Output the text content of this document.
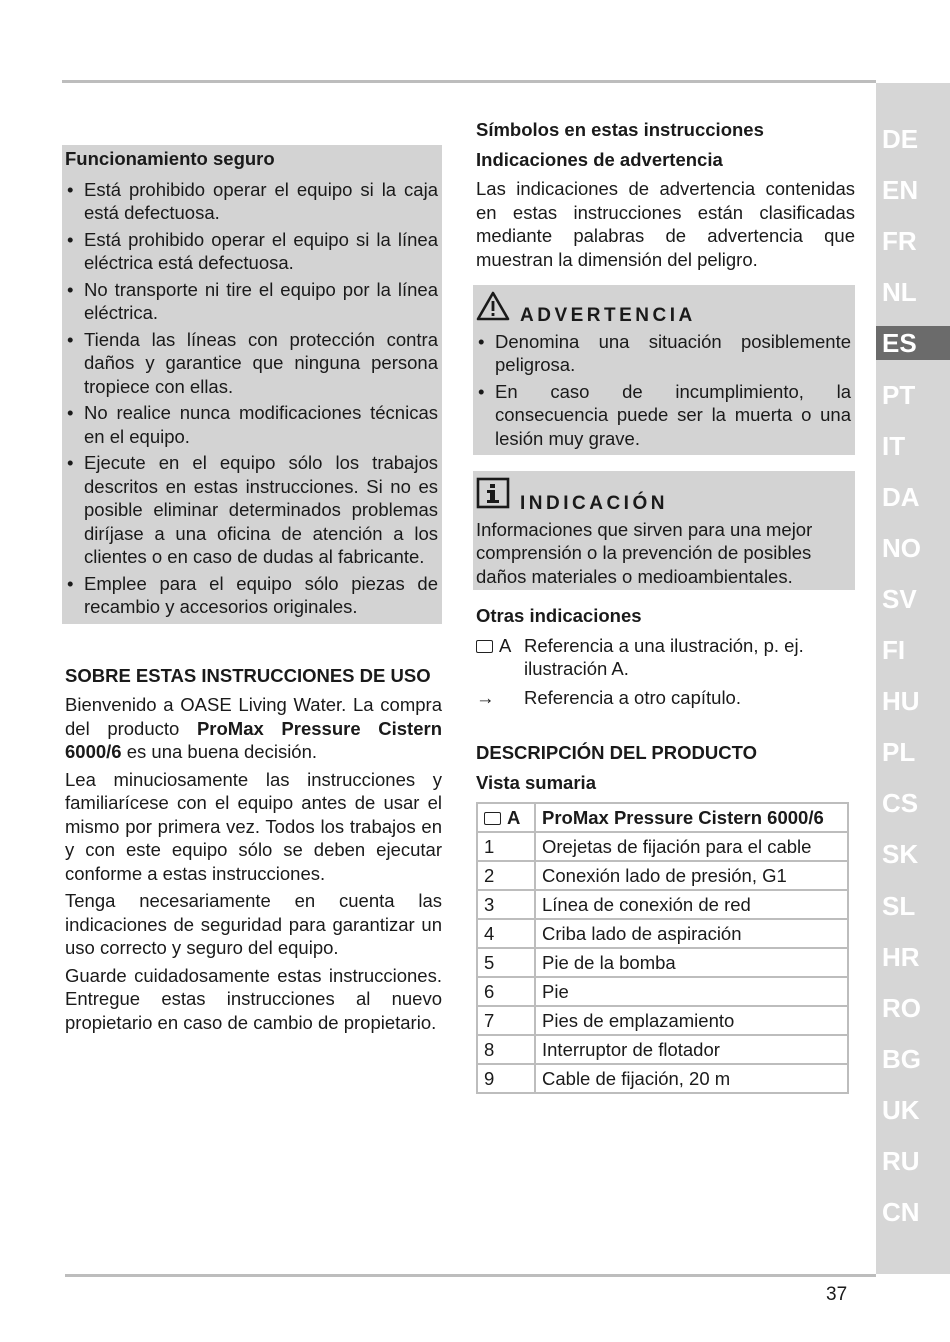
Funcionamiento seguro
• Está prohibido operar el equipo si la caja está defectuosa.
• Está prohibido operar el equipo si la línea eléctrica está defectuosa.
• No transporte ni tire el equipo por la línea eléctrica.
• Tienda las líneas con protección contra daños y garantice que ninguna persona tropiece con ellas.
• No realice nunca modificaciones técnicas en el equipo.
• Ejecute en el equipo sólo los trabajos descritos en estas instrucciones. Si no es posible eliminar determinados problemas diríjase a una oficina de atención a los clientes o en caso de dudas al fabricante.
• Emplee para el equipo sólo piezas de recambio y accesorios originales.
SOBRE ESTAS INSTRUCCIONES DE USO

Bienvenido a OASE Living Water. La compra del producto ProMax Pressure Cistern 6000/6 es una buena decisión.

Lea minuciosamente las instrucciones y familiarícese con el equipo antes de usar el mismo por primera vez. Todos los trabajos en y con este equipo sólo se deben ejecutar conforme a estas instrucciones.

Tenga necesariamente en cuenta las indicaciones de seguridad para garantizar un uso correcto y seguro del equipo.

Guarde cuidadosamente estas instrucciones. Entregue estas instrucciones al nuevo propietario en caso de cambio de propietario.

Símbolos en estas instrucciones
Indicaciones de advertencia

Las indicaciones de advertencia contenidas en estas instrucciones están clasificadas mediante palabras de advertencia que muestran la dimensión del peligro.

ADVERTENCIA
• Denomina una situación posiblemente peligrosa.
• En caso de incumplimiento, la consecuencia puede ser la muerta o una lesión muy grave.
INDICACIÓN
Informaciones que sirven para una mejor comprensión o la prevención de posibles daños materiales o medioambientales.
Otras indicaciones
A Referencia a una ilustración, p. ej. ilustración A.
→ Referencia a otro capítulo.
DESCRIPCIÓN DEL PRODUCTO
Vista sumaria
A	ProMax Pressure Cistern 6000/6
1	Orejetas de fijación para el cable
2	Conexión lado de presión, G1
3	Línea de conexión de red
4	Criba lado de aspiración
5	Pie de la bomba
6	Pie
7	Pies de emplazamiento
8	Interruptor de flotador
9	Cable de fijación, 20 m
DE
EN
FR
NL
ES
PT
IT
DA
NO
SV
FI
HU
PL
CS
SK
SL
HR
RO
BG
UK
RU
CN
37
